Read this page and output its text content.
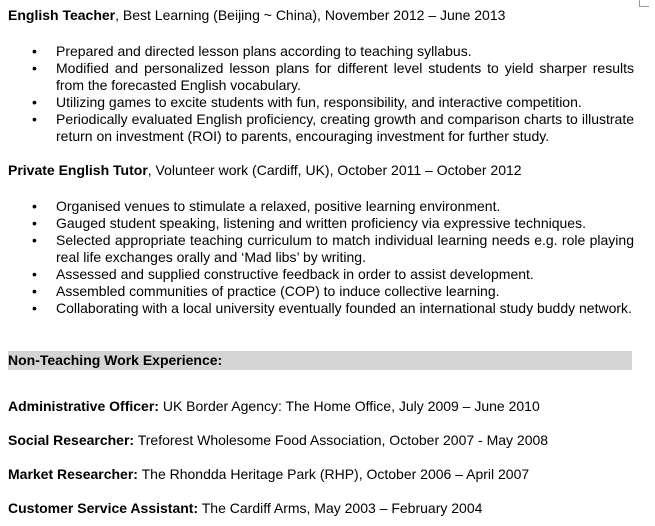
English Teacher, Best Learning (Beijing ~ China), November 2012 – June 2013
• Prepared and directed lesson plans according to teaching syllabus.
• Modified and personalized lesson plans for different level students to yield sharper results from the forecasted English vocabulary.
• Utilizing games to excite students with fun, responsibility, and interactive competition.
• Periodically evaluated English proficiency, creating growth and comparison charts to illustrate return on investment (ROI) to parents, encouraging investment for further study.
Private English Tutor, Volunteer work (Cardiff, UK), October 2011 – October 2012
• Organised venues to stimulate a relaxed, positive learning environment.
• Gauged student speaking, listening and written proficiency via expressive techniques.
• Selected appropriate teaching curriculum to match individual learning needs e.g. role playing real life exchanges orally and ‘Mad libs’ by writing.
• Assessed and supplied constructive feedback in order to assist development.
• Assembled communities of practice (COP) to induce collective learning.
• Collaborating with a local university eventually founded an international study buddy network.
Non-Teaching Work Experience:
Administrative Officer: UK Border Agency: The Home Office, July 2009 – June 2010
Social Researcher: Treforest Wholesome Food Association, October 2007 - May 2008
Market Researcher: The Rhondda Heritage Park (RHP), October 2006 – April 2007
Customer Service Assistant: The Cardiff Arms, May 2003 – February 2004
